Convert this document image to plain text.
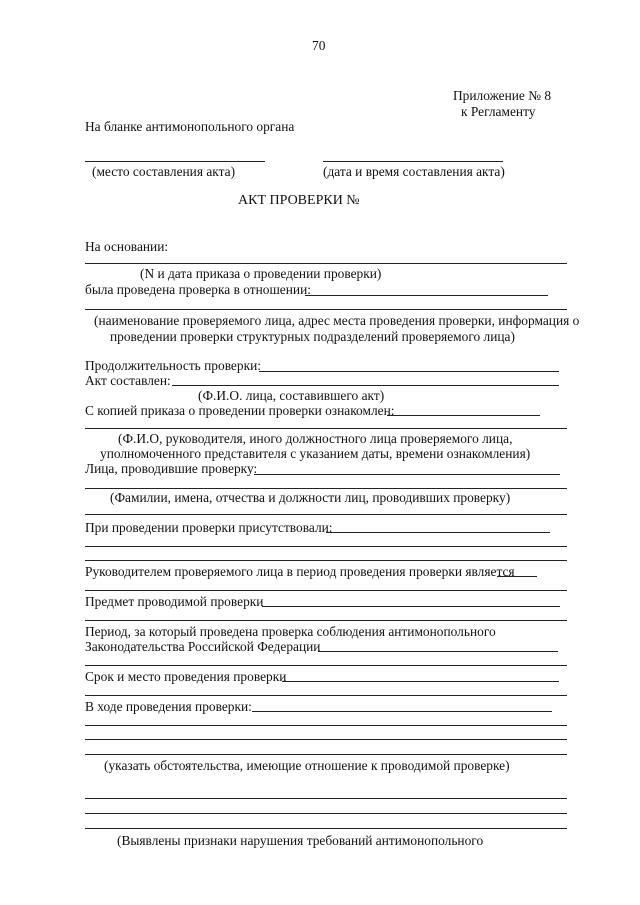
70
Приложение № 8
к Регламенту
На бланке антимонопольного органа
(место составления акта)	(дата и время составления акта)
АКТ ПРОВЕРКИ №
На основании:
(N и дата приказа о проведении проверки)
была проведена проверка в отношении:
(наименование проверяемого лица, адрес места проведения проверки, информация о
проведении проверки структурных подразделений проверяемого лица)
Продолжительность проверки:
Акт составлен:
(Ф.И.О. лица, составившего акт)
С копией приказа о проведении проверки ознакомлен:
(Ф.И.О, руководителя, иного должностного лица проверяемого лица,
уполномоченного представителя с указанием даты, времени ознакомления)
Лица, проводившие проверку:
(Фамилии, имена, отчества и должности лиц, проводивших проверку)
При проведении проверки присутствовали:
Руководителем проверяемого лица в период проведения проверки является
Предмет проводимой проверки
Период, за который проведена проверка соблюдения антимонопольного
Законодательства Российской Федерации
Срок и место проведения проверки
В ходе проведения проверки:
(указать обстоятельства, имеющие отношение к проводимой проверке)
(Выявлены признаки нарушения требований антимонопольного
